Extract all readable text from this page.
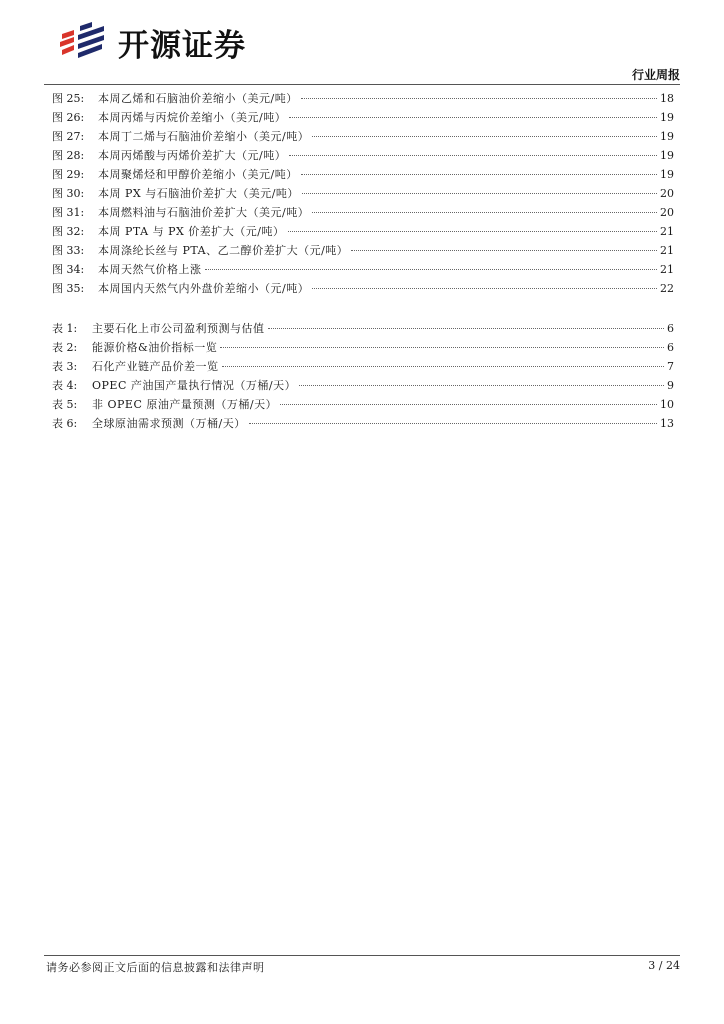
开源证券
行业周报
图 25:	本周乙烯和石脑油价差缩小（美元/吨）	18
图 26:	本周丙烯与丙烷价差缩小（美元/吨）	19
图 27:	本周丁二烯与石脑油价差缩小（美元/吨）	19
图 28:	本周丙烯酸与丙烯价差扩大（元/吨）	19
图 29:	本周聚烯烃和甲醇价差缩小（美元/吨）	19
图 30:	本周 PX 与石脑油价差扩大（美元/吨）	20
图 31:	本周燃料油与石脑油价差扩大（美元/吨）	20
图 32:	本周 PTA 与 PX 价差扩大（元/吨）	21
图 33:	本周涤纶长丝与 PTA、乙二醇价差扩大（元/吨）	21
图 34:	本周天然气价格上涨	21
图 35:	本周国内天然气内外盘价差缩小（元/吨）	22
表 1:	主要石化上市公司盈利预测与估值	6
表 2:	能源价格&油价指标一览	6
表 3:	石化产业链产品价差一览	7
表 4:	OPEC 产油国产量执行情况（万桶/天）	9
表 5:	非 OPEC 原油产量预测（万桶/天）	10
表 6:	全球原油需求预测（万桶/天）	13
请务必参阅正文后面的信息披露和法律声明	3 / 24
